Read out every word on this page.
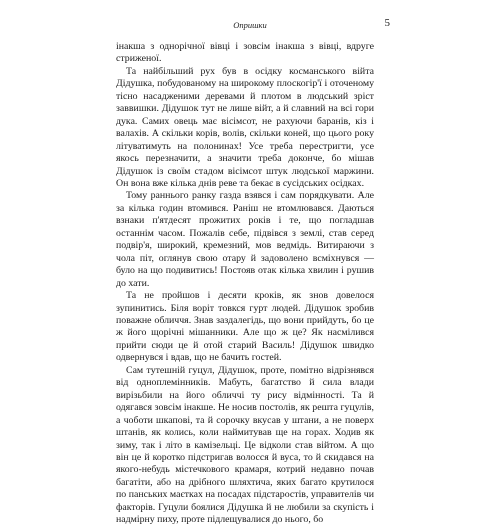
Опришки	5

інакша з однорічної вівці і зовсім інакша з вівці, вдруге стриженої.

Та найбільший рух був в осідку косманського війта Дідушка, побудованому на широкому плоскогір'ї і оточеному тісно насадженими деревами й плотом в людський зріст заввишки. Дідушок тут не лише війт, а й славний на всі гори дука. Самих овець має вісімсот, не рахуючи баранів, кіз і валахів. А скільки корів, волів, скільки коней, що цього року літуватимуть на полонинах! Усе треба перестригти, усе якось перезначити, а значити треба доконче, бо мішав Дідушок із своїм стадом вісімсот штук людської маржини. Он вона вже кілька днів реве та бекає в сусідських осідках.

Тому раннього ранку газда взявся і сам порядкувати. Але за кілька годин втомився. Раніш не втомлювався. Даються взнаки п'ятдесят прожитих років і те, що погладшав останнім часом. Пожалів себе, підвівся з землі, став серед подвір'я, широкий, кремезний, мов ведмідь. Витираючи з чола піт, оглянув свою отару й задоволено всміхнувся — було на що подивитись! Постояв отак кілька хвилин і рушив до хати.

Та не пройшов і десяти кроків, як знов довелося зупинитись. Біля воріт товкся гурт людей. Дідушок зробив поважне обличчя. Знав заздалегідь, що вони прийдуть, бо це ж його щорічні мішанники. Але що ж це? Як насмілився прийти сюди це й отой старий Василь! Дідушок швидко одвернувся і вдав, що не бачить гостей.

Сам тутешній гуцул, Дідушок, проте, помітно відрізнявся від одноплемінників. Мабуть, багатство й сила влади вирізьбили на його обличчі ту рису відмінності. Та й одягався зовсім інакше. Не носив постолів, як решта гуцулів, а чоботи шкапові, та й сорочку вкусав у штани, а не поверх штанів, як колись, коли наймитував ще на горах. Ходив як зиму, так і літо в камізельці. Це відколи став війтом. А що він це й коротко підстригав волосся й вуса, то й скидався на якого-небудь містечкового крамаря, котрий недавно почав багатіти, або на дрібного шляхтича, яких багато крутилося по панських маєтках на посадах підстаростів, управителів чи факторів. Гуцули боялися Дідушка й не любили за скупість і надмірну пиху, проте підлещувалися до нього, бо
